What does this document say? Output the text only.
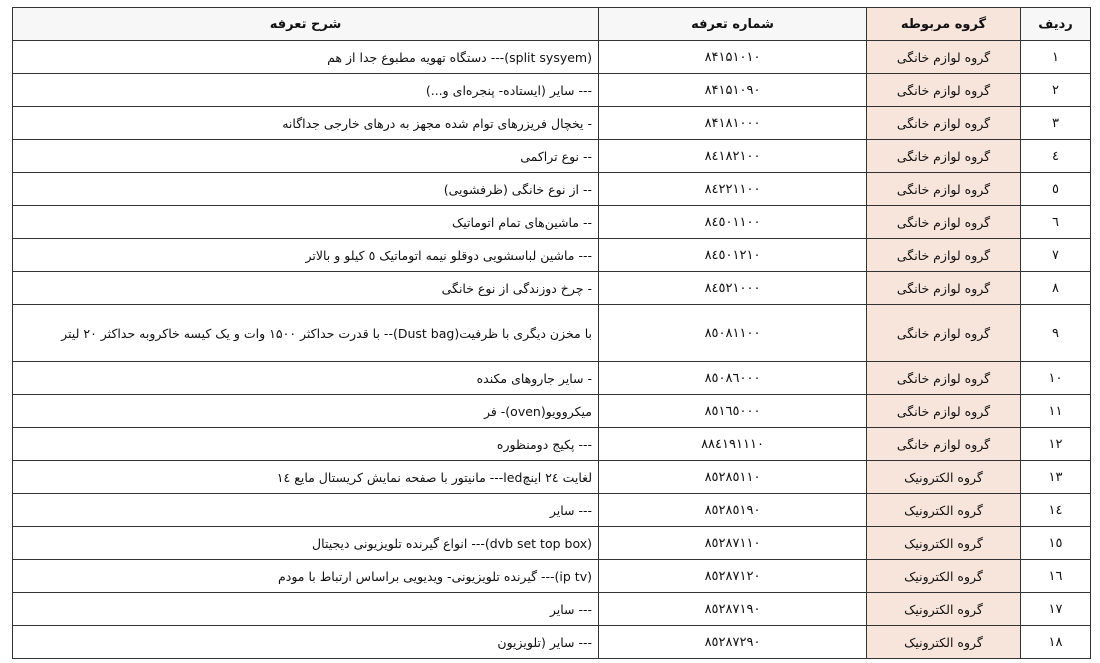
ردیف	گروه مربوطه	شماره تعرفه	شرح تعرفه
۱	گروه لوازم خانگی	۸۴۱۵۱۰۱۰	(split sysyem)--- دستگاه تهویه مطبوع جدا از هم
۲	گروه لوازم خانگی	۸۴۱۵۱۰۹۰	--- سایر (ایستاده- پنجره‌ای و...)
۳	گروه لوازم خانگی	۸۴۱۸۱۰۰۰	- یخچال فریزرهای توام شده مجهز به درهای خارجی جداگانه
٤	گروه لوازم خانگی	۸٤۱۸۲۱۰۰	-- نوع تراکمی
٥	گروه لوازم خانگی	۸٤۲۲۱۱۰۰	-- از نوع خانگی (ظرفشویی)
٦	گروه لوازم خانگی	۸٤٥۰۱۱۰۰	-- ماشین‌های تمام اتوماتیک
۷	گروه لوازم خانگی	۸٤٥۰۱۲۱۰	--- ماشین لباسشویی دوقلو نیمه اتوماتیک ٥ کیلو و بالاتر
۸	گروه لوازم خانگی	۸٤٥۲۱۰۰۰	- چرخ دوزندگی از نوع خانگی
۹	گروه لوازم خانگی	۸٥۰۸۱۱۰۰	با مخزن دیگری با ظرفیت(Dust bag)-- با قدرت حداکثر ۱۵۰۰ وات و یک کیسه خاکروبه حداکثر ۲۰ لیتر
۱۰	گروه لوازم خانگی	۸٥۰۸٦۰۰۰	- سایر جاروهای مکنده
۱۱	گروه لوازم خانگی	۸٥۱٦٥۰۰۰	میکروویو(oven)- فر
۱۲	گروه لوازم خانگی	۸۸٤۱۹۱۱۱۰	--- پکیج دومنظوره
۱۳	گروه الکترونیک	۸٥۲۸٥۱۱۰	لغایت ۲٤ اینچled--- مانیتور با صفحه نمایش کریستال مایع ۱٤
۱٤	گروه الکترونیک	۸٥۲۸٥۱۹۰	--- سایر
۱٥	گروه الکترونیک	۸٥۲۸۷۱۱۰	(dvb set top box)--- انواع گیرنده تلویزیونی دیجیتال
۱٦	گروه الکترونیک	۸٥۲۸۷۱۲۰	(ip tv)--- گیرنده تلویزیونی- ویدیویی براساس ارتباط با مودم
۱۷	گروه الکترونیک	۸٥۲۸۷۱۹۰	--- سایر
۱۸	گروه الکترونیک	۸٥۲۸۷۲۹۰	--- سایر (تلویزیون
